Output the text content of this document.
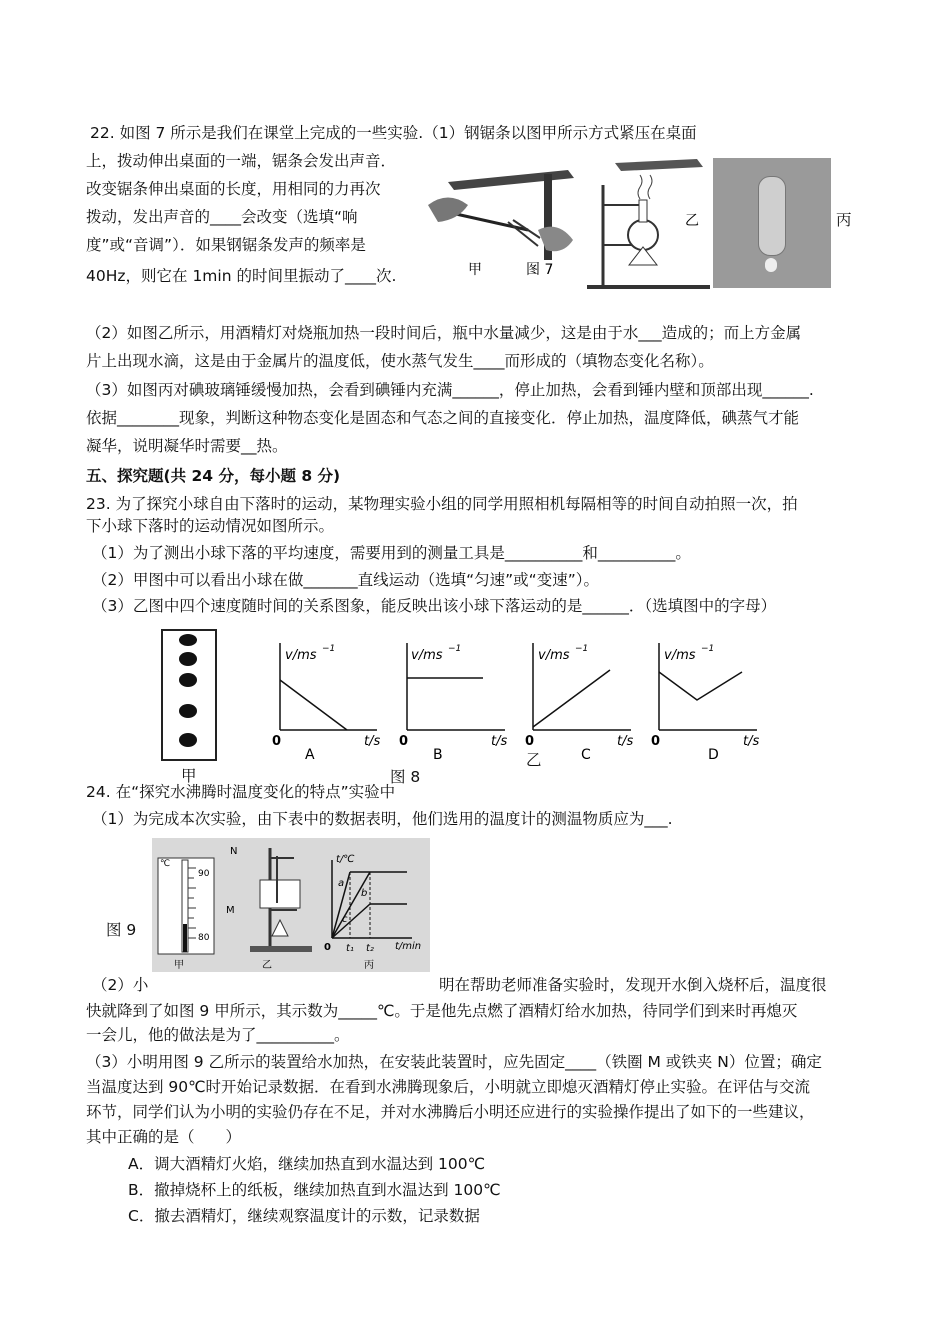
22. 如图 7 所示是我们在课堂上完成的一些实验.（1）钢锯条以图甲所示方式紧压在桌面
上，拨动伸出桌面的一端，锯条会发出声音．
改变锯条伸出桌面的长度，用相同的力再次
拨动，发出声音的____会改变（选填“响
度”或“音调”）．如果钢锯条发声的频率是
40Hz，则它在 1min 的时间里振动了____次.	甲	图 7
乙	丙
（2）如图乙所示，用酒精灯对烧瓶加热一段时间后，瓶中水量减少，这是由于水___造成的；而上方金属
片上出现水滴，这是由于金属片的温度低，使水蒸气发生____而形成的（填物态变化名称）。
（3）如图丙对碘玻璃锤缓慢加热，会看到碘锤内充满______，停止加热，会看到锤内壁和顶部出现______.
依据________现象，判断这种物态变化是固态和气态之间的直接变化．停止加热，温度降低，碘蒸气才能
凝华，说明凝华时需要__热。
五、探究题(共 24 分，每小题 8 分)
23. 为了探究小球自由下落时的运动，某物理实验小组的同学用照相机每隔相等的时间自动拍照一次，拍
下小球下落时的运动情况如图所示。
（1）为了测出小球下落的平均速度，需要用到的测量工具是__________和__________。
（2）甲图中可以看出小球在做_______直线运动（选填“匀速”或“变速”）。
（3）乙图中四个速度随时间的关系图象，能反映出该小球下落运动的是______．（选填图中的字母）
甲	图 8
乙
v/ms −1	v/ms −1	v/ms −1	v/ms −1
t/s	t/s	t/s	t/s
0	0	0	0
A	B	C	D
24. 在“探究水沸腾时温度变化的特点”实验中
（1）为完成本次实验，由下表中的数据表明，他们选用的温度计的测温物质应为___.
图 9
90
80
℃
甲
N
M
乙
t/℃
t/min
t₁ t₂
a
b
c
0
丙
（2）小	明在帮助老师准备实验时，发现开水倒入烧杯后，温度很
快就降到了如图 9 甲所示，其示数为_____℃。于是他先点燃了酒精灯给水加热，待同学们到来时再熄灭
一会儿，他的做法是为了__________。
（3）小明用图 9 乙所示的装置给水加热，在安装此装置时，应先固定____（铁圈 M 或铁夹 N）位置；确定
当温度达到 90℃时开始记录数据．在看到水沸腾现象后，小明就立即熄灭酒精灯停止实验。在评估与交流
环节，同学们认为小明的实验仍存在不足，并对水沸腾后小明还应进行的实验操作提出了如下的一些建议，
其中正确的是（　　）
A．调大酒精灯火焰，继续加热直到水温达到 100℃
B．撤掉烧杯上的纸板，继续加热直到水温达到 100℃
C．撤去酒精灯，继续观察温度计的示数，记录数据
